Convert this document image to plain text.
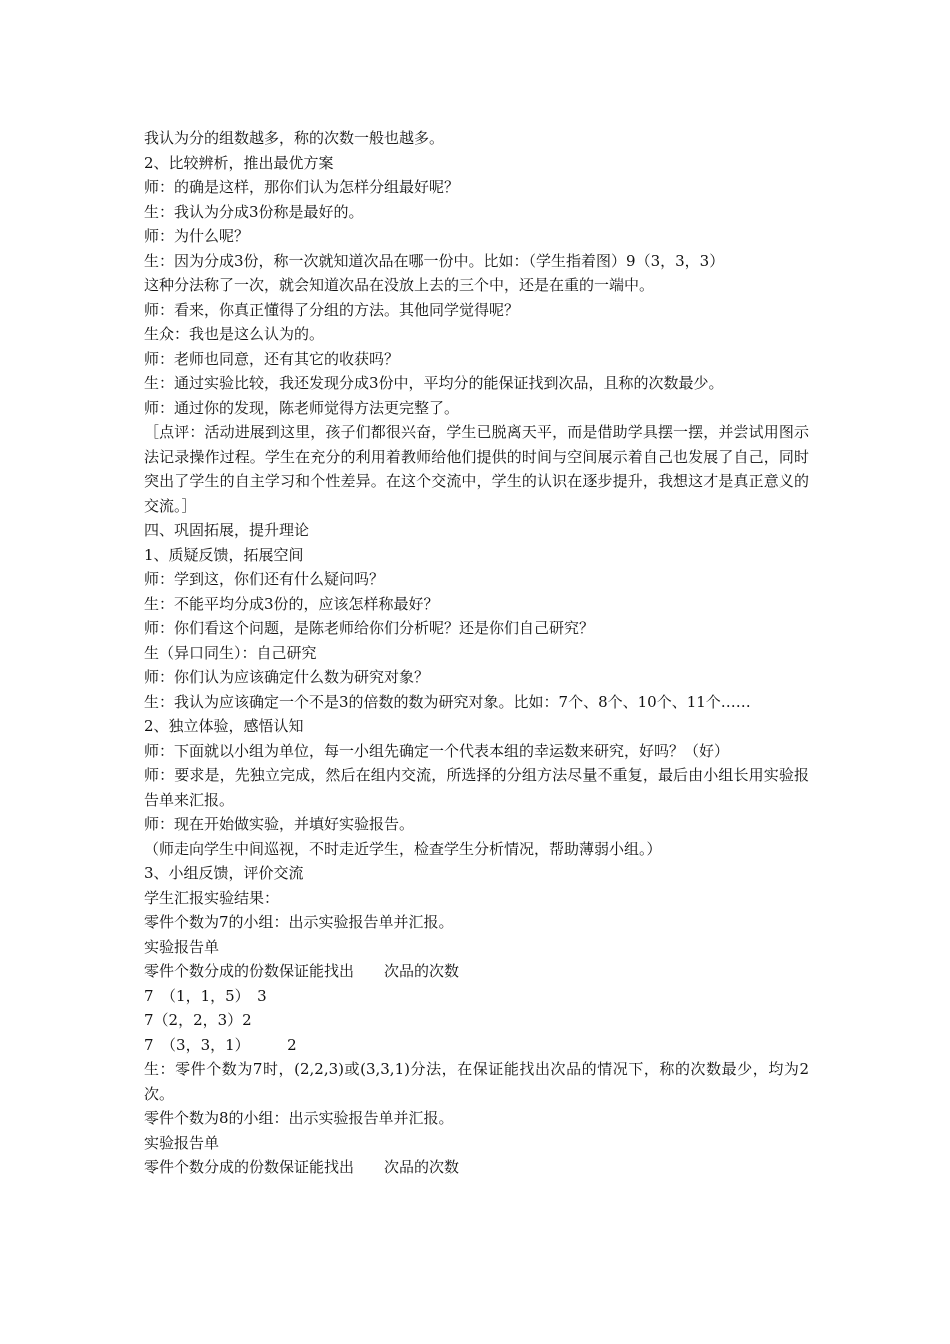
我认为分的组数越多，称的次数一般也越多。
2、比较辨析，推出最优方案
师：的确是这样，那你们认为怎样分组最好呢？
生：我认为分成3份称是最好的。
师：为什么呢？
生：因为分成3份，称一次就知道次品在哪一份中。比如：（学生指着图）9（3，3，3）
这种分法称了一次，就会知道次品在没放上去的三个中，还是在重的一端中。
师：看来，你真正懂得了分组的方法。其他同学觉得呢？
生众：我也是这么认为的。
师：老师也同意，还有其它的收获吗？
生：通过实验比较，我还发现分成3份中，平均分的能保证找到次品，且称的次数最少。
师：通过你的发现，陈老师觉得方法更完整了。
［点评：活动进展到这里，孩子们都很兴奋，学生已脱离天平，而是借助学具摆一摆，并尝试用图示法记录操作过程。学生在充分的利用着教师给他们提供的时间与空间展示着自己也发展了自己，同时突出了学生的自主学习和个性差异。在这个交流中，学生的认识在逐步提升，我想这才是真正意义的交流。］
四、巩固拓展，提升理论
1、质疑反馈，拓展空间
师：学到这，你们还有什么疑问吗？
生：不能平均分成3份的，应该怎样称最好？
师：你们看这个问题，是陈老师给你们分析呢？还是你们自己研究？
生（异口同生）：自己研究
师：你们认为应该确定什么数为研究对象？
生：我认为应该确定一个不是3的倍数的数为研究对象。比如：7个、8个、10个、11个……
2、独立体验，感悟认知
师：下面就以小组为单位，每一小组先确定一个代表本组的幸运数来研究，好吗？（好）
师：要求是，先独立完成，然后在组内交流，所选择的分组方法尽量不重复，最后由小组长用实验报告单来汇报。
师：现在开始做实验，并填好实验报告。
（师走向学生中间巡视，不时走近学生，检查学生分析情况，帮助薄弱小组。）
3、小组反馈，评价交流
学生汇报实验结果：
零件个数为7的小组：出示实验报告单并汇报。
实验报告单
零件个数分成的份数保证能找出　　次品的次数
7　（1，1，5）　3
7（2，2，3）2
7　（3，3，1）　　　2
生：零件个数为7时，(2,2,3)或(3,3,1)分法，在保证能找出次品的情况下，称的次数最少，均为2次。
零件个数为8的小组：出示实验报告单并汇报。
实验报告单
零件个数分成的份数保证能找出　　次品的次数
